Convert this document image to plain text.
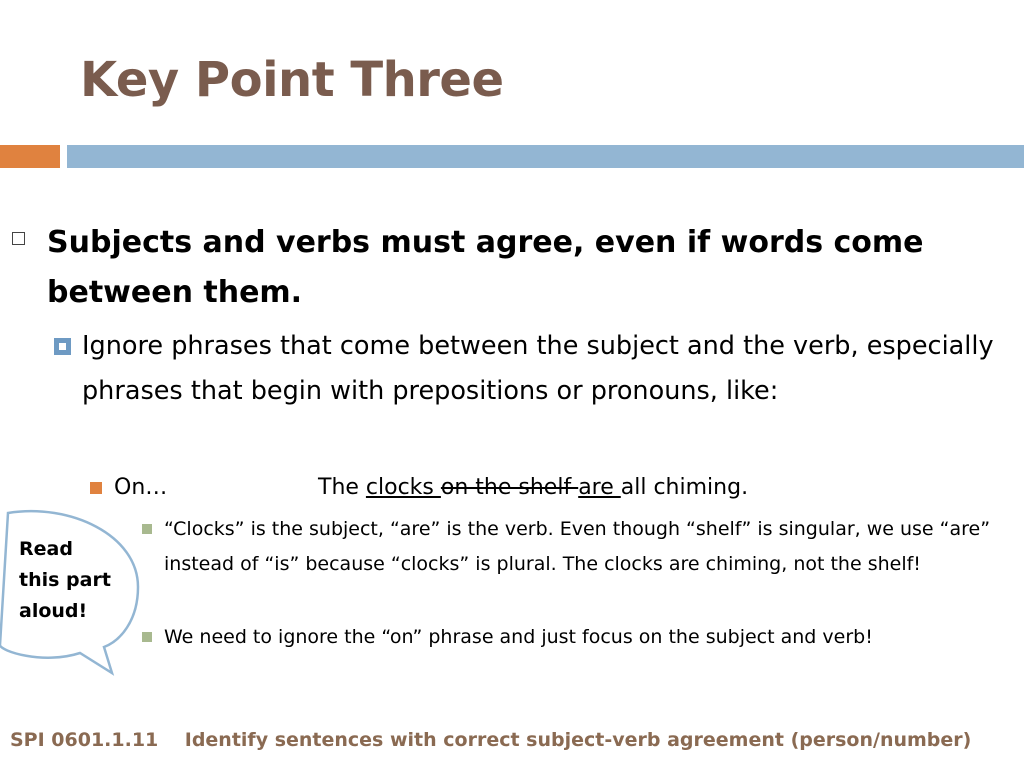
Key Point Three
Subjects and verbs must agree, even if words come between them.
Ignore phrases that come between the subject and the verb, especially phrases that begin with prepositions or pronouns, like:
On…	The clocks on the shelf are all chiming.
“Clocks” is the subject, “are” is the verb. Even though “shelf” is singular, we use “are” instead of “is” because “clocks” is plural. The clocks are chiming, not the shelf!
We need to ignore the “on” phrase and just focus on the subject and verb!
Read this part aloud!
SPI 0601.1.11 Identify sentences with correct subject-verb agreement (person/number)
